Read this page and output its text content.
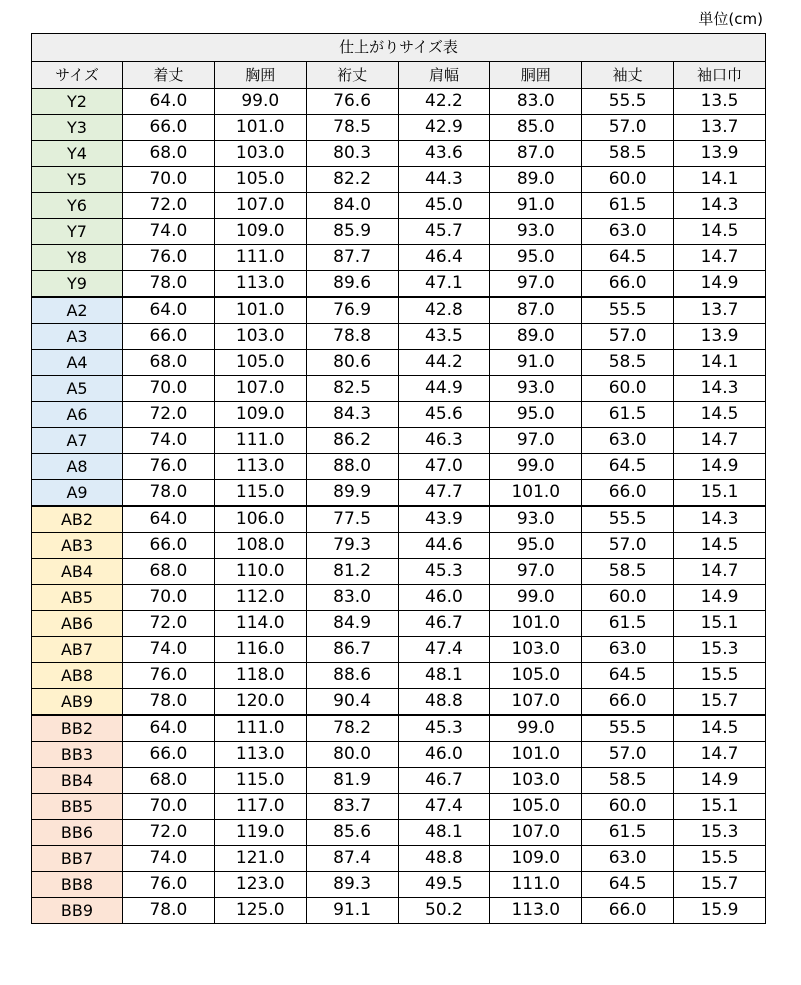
単位(cm)
仕上がりサイズ表							
サイズ	着丈	胸囲	裄丈	肩幅	胴囲	袖丈	袖口巾
Y2	64.0	99.0	76.6	42.2	83.0	55.5	13.5
Y3	66.0	101.0	78.5	42.9	85.0	57.0	13.7
Y4	68.0	103.0	80.3	43.6	87.0	58.5	13.9
Y5	70.0	105.0	82.2	44.3	89.0	60.0	14.1
Y6	72.0	107.0	84.0	45.0	91.0	61.5	14.3
Y7	74.0	109.0	85.9	45.7	93.0	63.0	14.5
Y8	76.0	111.0	87.7	46.4	95.0	64.5	14.7
Y9	78.0	113.0	89.6	47.1	97.0	66.0	14.9
A2	64.0	101.0	76.9	42.8	87.0	55.5	13.7
A3	66.0	103.0	78.8	43.5	89.0	57.0	13.9
A4	68.0	105.0	80.6	44.2	91.0	58.5	14.1
A5	70.0	107.0	82.5	44.9	93.0	60.0	14.3
A6	72.0	109.0	84.3	45.6	95.0	61.5	14.5
A7	74.0	111.0	86.2	46.3	97.0	63.0	14.7
A8	76.0	113.0	88.0	47.0	99.0	64.5	14.9
A9	78.0	115.0	89.9	47.7	101.0	66.0	15.1
AB2	64.0	106.0	77.5	43.9	93.0	55.5	14.3
AB3	66.0	108.0	79.3	44.6	95.0	57.0	14.5
AB4	68.0	110.0	81.2	45.3	97.0	58.5	14.7
AB5	70.0	112.0	83.0	46.0	99.0	60.0	14.9
AB6	72.0	114.0	84.9	46.7	101.0	61.5	15.1
AB7	74.0	116.0	86.7	47.4	103.0	63.0	15.3
AB8	76.0	118.0	88.6	48.1	105.0	64.5	15.5
AB9	78.0	120.0	90.4	48.8	107.0	66.0	15.7
BB2	64.0	111.0	78.2	45.3	99.0	55.5	14.5
BB3	66.0	113.0	80.0	46.0	101.0	57.0	14.7
BB4	68.0	115.0	81.9	46.7	103.0	58.5	14.9
BB5	70.0	117.0	83.7	47.4	105.0	60.0	15.1
BB6	72.0	119.0	85.6	48.1	107.0	61.5	15.3
BB7	74.0	121.0	87.4	48.8	109.0	63.0	15.5
BB8	76.0	123.0	89.3	49.5	111.0	64.5	15.7
BB9	78.0	125.0	91.1	50.2	113.0	66.0	15.9
